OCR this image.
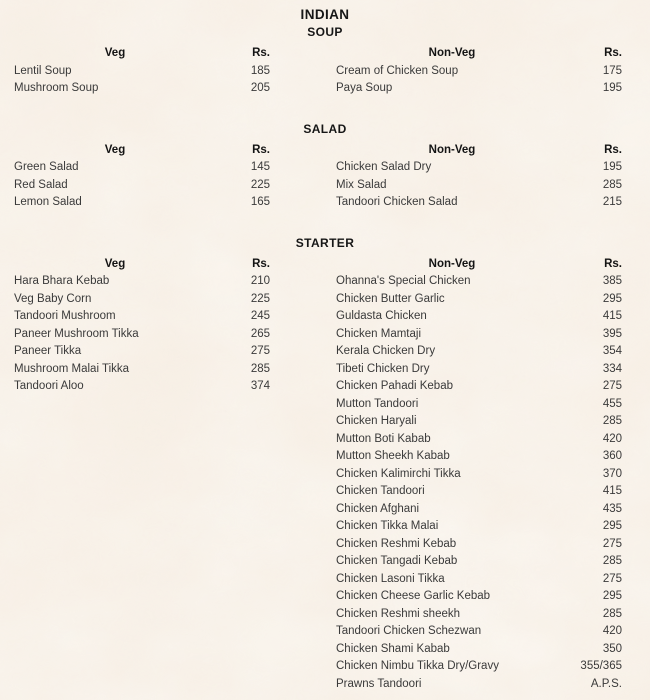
INDIAN
SOUP
Veg	Rs.
Lentil Soup	185
Mushroom Soup	205
Non-Veg	Rs.
Cream of Chicken Soup	175
Paya Soup	195
SALAD
Veg	Rs.
Green Salad	145
Red Salad	225
Lemon Salad	165
Non-Veg	Rs.
Chicken Salad Dry	195
Mix Salad	285
Tandoori Chicken Salad	215
STARTER
Veg	Rs.
Hara Bhara Kebab	210
Veg Baby Corn	225
Tandoori Mushroom	245
Paneer Mushroom Tikka	265
Paneer Tikka	275
Mushroom Malai Tikka	285
Tandoori Aloo	374
Non-Veg	Rs.
Ohanna's Special Chicken	385
Chicken Butter Garlic	295
Guldasta Chicken	415
Chicken Mamtaji	395
Kerala Chicken Dry	354
Tibeti Chicken Dry	334
Chicken Pahadi Kebab	275
Mutton Tandoori	455
Chicken Haryali	285
Mutton Boti Kabab	420
Mutton Sheekh Kabab	360
Chicken Kalimirchi Tikka	370
Chicken Tandoori	415
Chicken Afghani	435
Chicken Tikka Malai	295
Chicken Reshmi Kebab	275
Chicken Tangadi Kebab	285
Chicken Lasoni Tikka	275
Chicken Cheese Garlic Kebab	295
Chicken Reshmi sheekh	285
Tandoori Chicken Schezwan	420
Chicken Shami Kabab	350
Chicken Nimbu Tikka Dry/Gravy	355/365
Prawns Tandoori	A.P.S.
